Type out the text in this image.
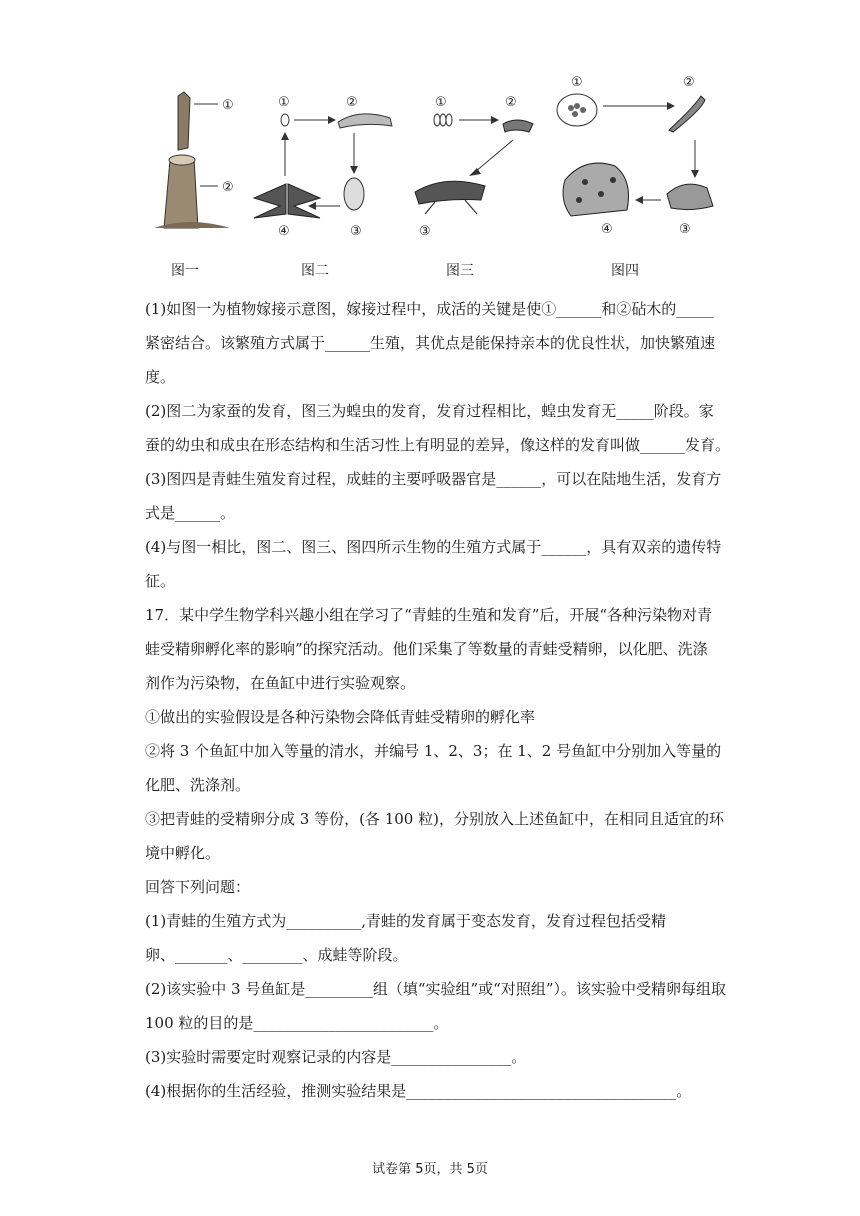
①
②
①	②
③
④
①	②
③
①	②
③
④
图一	图二	图三	图四
(1)如图一为植物嫁接示意图，嫁接过程中，成活的关键是使①______和②砧木的_____
紧密结合。该繁殖方式属于______生殖，其优点是能保持亲本的优良性状，加快繁殖速
度。
(2)图二为家蚕的发育，图三为蝗虫的发育，发育过程相比，蝗虫发育无_____阶段。家
蚕的幼虫和成虫在形态结构和生活习性上有明显的差异，像这样的发育叫做______发育。
(3)图四是青蛙生殖发育过程，成蛙的主要呼吸器官是______，可以在陆地生活，发育方
式是______。
(4)与图一相比，图二、图三、图四所示生物的生殖方式属于______，具有双亲的遗传特
征。
17．某中学生物学科兴趣小组在学习了“青蛙的生殖和发育”后，开展“各种污染物对青
蛙受精卵孵化率的影响”的探究活动。他们采集了等数量的青蛙受精卵，以化肥、洗涤
剂作为污染物，在鱼缸中进行实验观察。
①做出的实验假设是各种污染物会降低青蛙受精卵的孵化率
②将 3 个鱼缸中加入等量的清水，并编号 1、2、3；在 1、2 号鱼缸中分别加入等量的
化肥、洗涤剂。
③把青蛙的受精卵分成 3 等份，(各 100 粒)，分别放入上述鱼缸中，在相同且适宜的环
境中孵化。
回答下列问题：
(1)青蛙的生殖方式为__________,青蛙的发育属于变态发育，发育过程包括受精
卵、_______、________、成蛙等阶段。
(2)该实验中 3 号鱼缸是_________组（填“实验组”或“对照组”）。该实验中受精卵每组取
100 粒的目的是________________________。
(3)实验时需要定时观察记录的内容是________________。
(4)根据你的生活经验，推测实验结果是____________________________________。
试卷第 5页，共 5页
